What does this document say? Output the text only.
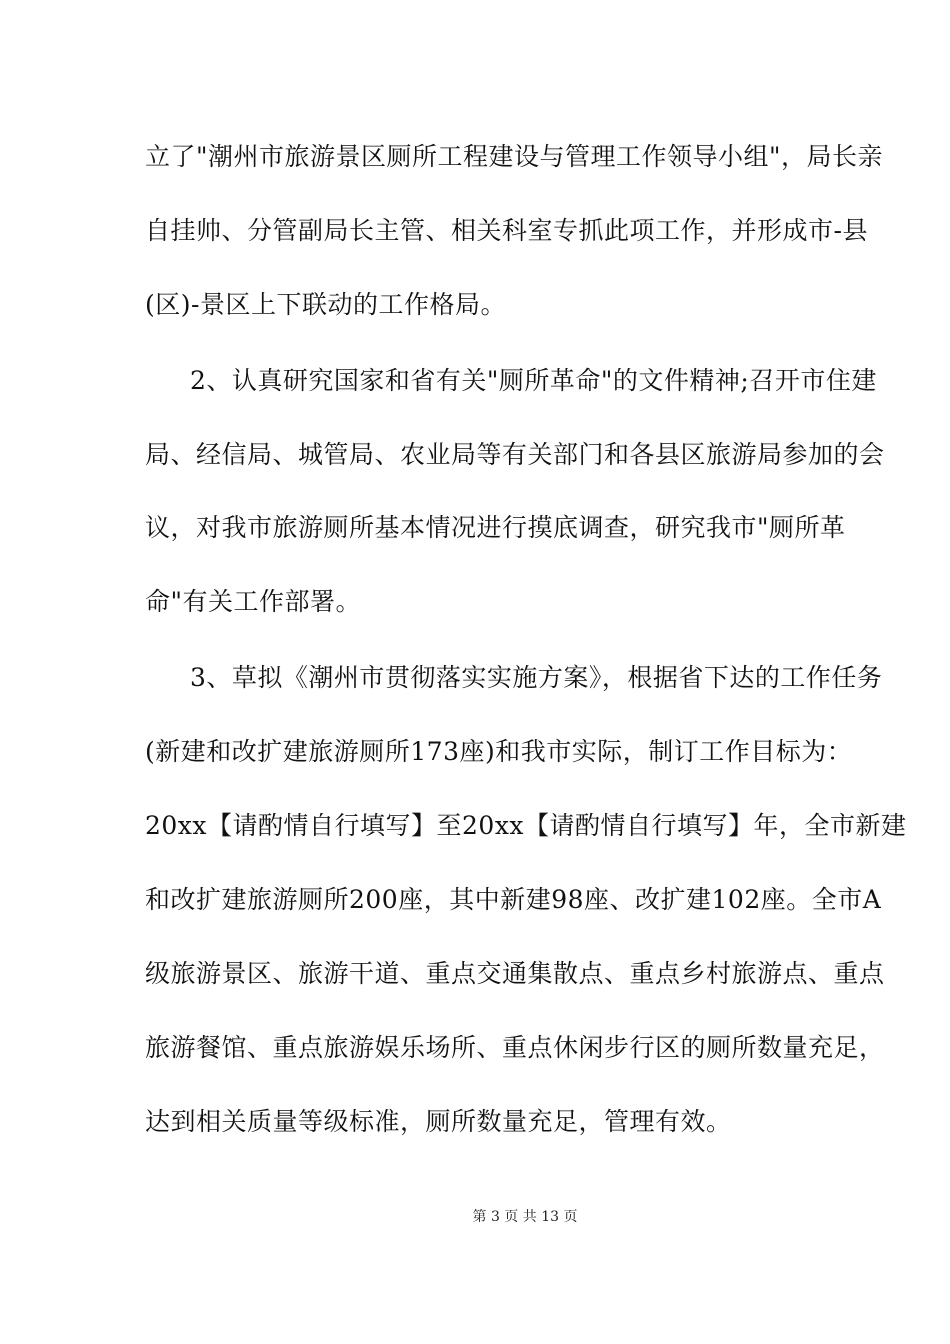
立了"潮州市旅游景区厕所工程建设与管理工作领导小组"，局长亲
自挂帅、分管副局长主管、相关科室专抓此项工作，并形成市-县
(区)-景区上下联动的工作格局。
2、认真研究国家和省有关"厕所革命"的文件精神;召开市住建
局、经信局、城管局、农业局等有关部门和各县区旅游局参加的会
议，对我市旅游厕所基本情况进行摸底调查，研究我市"厕所革
命"有关工作部署。
3、草拟《潮州市贯彻落实实施方案》，根据省下达的工作任务
(新建和改扩建旅游厕所173座)和我市实际，制订工作目标为：
20xx【请酌情自行填写】至20xx【请酌情自行填写】年，全市新建
和改扩建旅游厕所200座，其中新建98座、改扩建102座。全市A
级旅游景区、旅游干道、重点交通集散点、重点乡村旅游点、重点
旅游餐馆、重点旅游娱乐场所、重点休闲步行区的厕所数量充足，
达到相关质量等级标准，厕所数量充足，管理有效。
第 3 页 共 13 页
